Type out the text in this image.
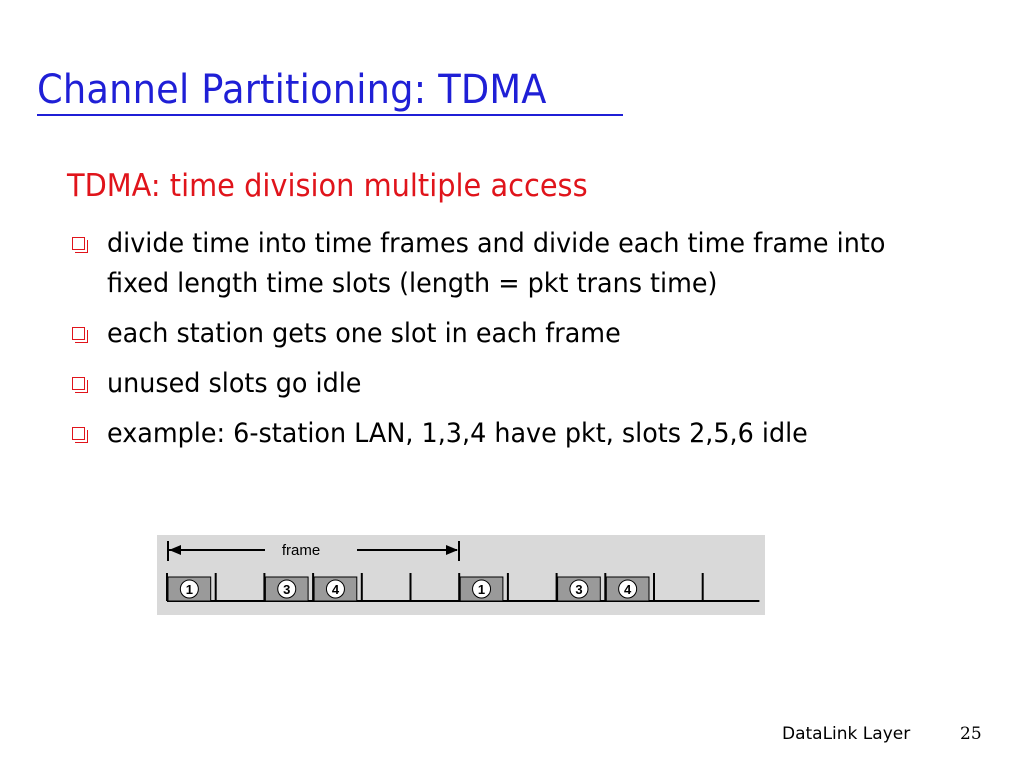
Channel Partitioning: TDMA
TDMA: time division multiple access
divide time into time frames and divide each time frame into fixed length time slots (length = pkt trans time)
each station gets one slot in each frame
unused slots go idle
example: 6-station LAN, 1,3,4 have pkt, slots 2,5,6 idle
frame
1	3	4	1	3	4
DataLink Layer	25
